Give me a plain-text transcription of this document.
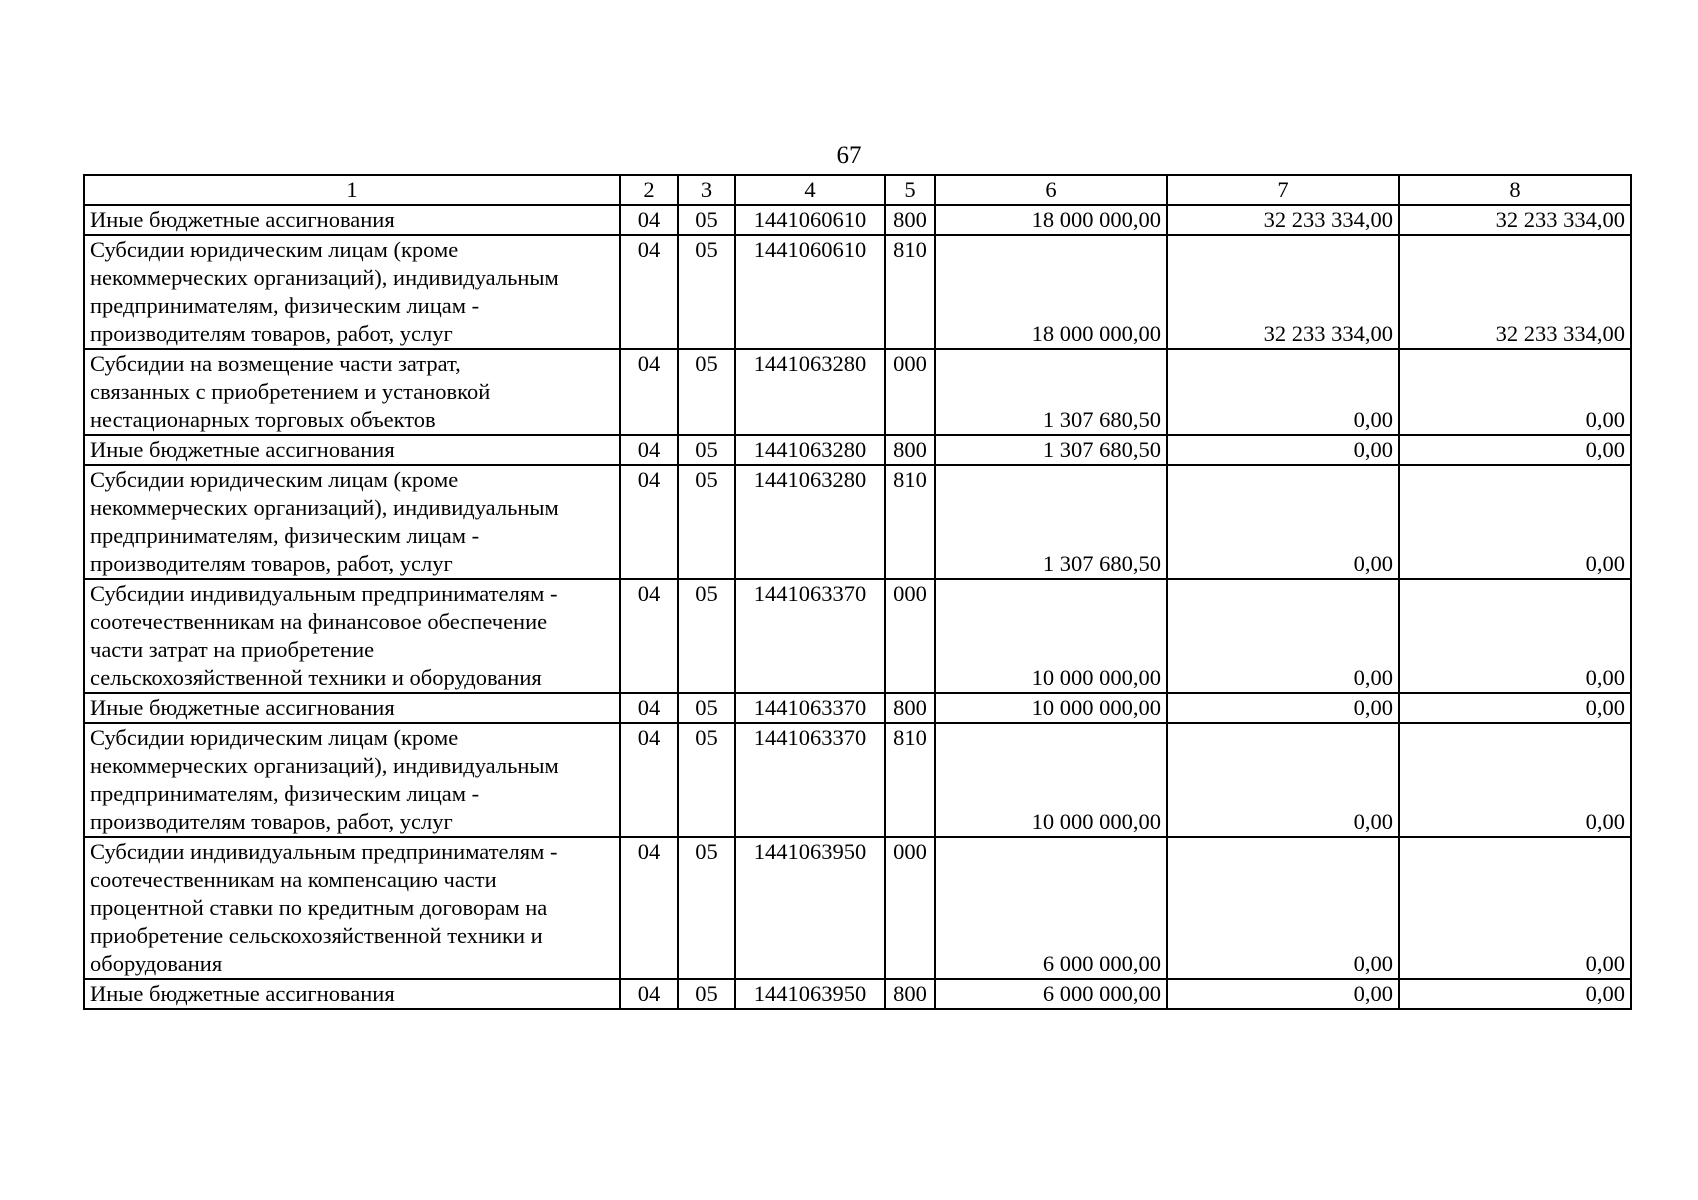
67
1	2	3	4	5	6	7	8
Иные бюджетные ассигнования	04	05	1441060610	800	18 000 000,00	32 233 334,00	32 233 334,00
Субсидии юридическим лицам (кроме
некоммерческих организаций), индивидуальным
предпринимателям, физическим лицам -
производителям товаров, работ, услуг	04	05	1441060610	810	18 000 000,00	32 233 334,00	32 233 334,00
Субсидии на возмещение части затрат,
связанных с приобретением и установкой
нестационарных торговых объектов	04	05	1441063280	000	1 307 680,50	0,00	0,00
Иные бюджетные ассигнования	04	05	1441063280	800	1 307 680,50	0,00	0,00
Субсидии юридическим лицам (кроме
некоммерческих организаций), индивидуальным
предпринимателям, физическим лицам -
производителям товаров, работ, услуг	04	05	1441063280	810	1 307 680,50	0,00	0,00
Субсидии индивидуальным предпринимателям -
соотечественникам на финансовое обеспечение
части затрат на приобретение
сельскохозяйственной техники и оборудования	04	05	1441063370	000	10 000 000,00	0,00	0,00
Иные бюджетные ассигнования	04	05	1441063370	800	10 000 000,00	0,00	0,00
Субсидии юридическим лицам (кроме
некоммерческих организаций), индивидуальным
предпринимателям, физическим лицам -
производителям товаров, работ, услуг	04	05	1441063370	810	10 000 000,00	0,00	0,00
Субсидии индивидуальным предпринимателям -
соотечественникам на компенсацию части
процентной ставки по кредитным договорам на
приобретение сельскохозяйственной техники и
оборудования	04	05	1441063950	000	6 000 000,00	0,00	0,00
Иные бюджетные ассигнования	04	05	1441063950	800	6 000 000,00	0,00	0,00
